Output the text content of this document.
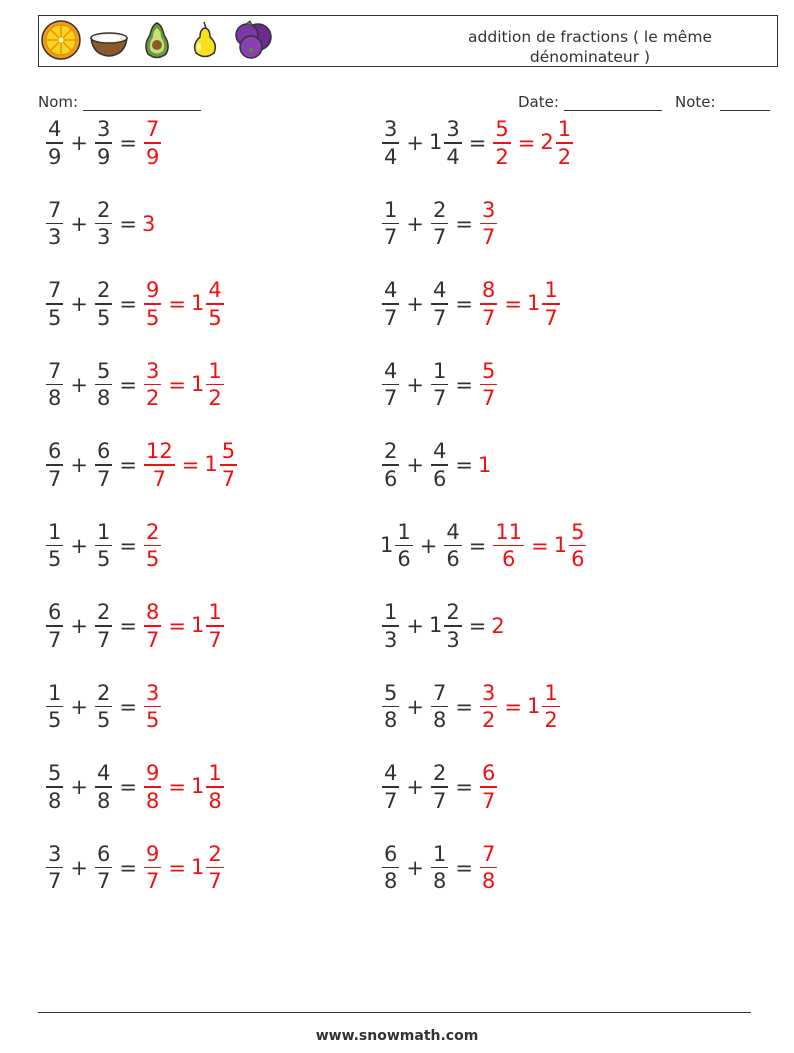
addition de fractions ( le même dénominateur )
Nom:	Date:	Note:
$\frac{4}{9} + \frac{3}{9} = \frac{7}{9}$	$\frac{3}{4} + 1 \frac{3}{4} = \frac{5}{2} = 2 \frac{1}{2}$
$\frac{7}{3} + \frac{2}{3} = 3$	$\frac{1}{7} + \frac{2}{7} = \frac{3}{7}$
$\frac{7}{5} + \frac{2}{5} = \frac{9}{5} = 1 \frac{4}{5}$	$\frac{4}{7} + \frac{4}{7} = \frac{8}{7} = 1 \frac{1}{7}$
$\frac{7}{8} + \frac{5}{8} = \frac{3}{2} = 1 \frac{1}{2}$	$\frac{4}{7} + \frac{1}{7} = \frac{5}{7}$
$\frac{6}{7} + \frac{6}{7} = \frac{12}{7} = 1 \frac{5}{7}$	$\frac{2}{6} + \frac{4}{6} = 1$
$\frac{1}{5} + \frac{1}{5} = \frac{2}{5}$	$1 \frac{1}{6} + \frac{4}{6} = \frac{11}{6} = 1 \frac{5}{6}$
$\frac{6}{7} + \frac{2}{7} = \frac{8}{7} = 1 \frac{1}{7}$	$\frac{1}{3} + 1 \frac{2}{3} = 2$
$\frac{1}{5} + \frac{2}{5} = \frac{3}{5}$	$\frac{5}{8} + \frac{7}{8} = \frac{3}{2} = 1 \frac{1}{2}$
$\frac{5}{8} + \frac{4}{8} = \frac{9}{8} = 1 \frac{1}{8}$	$\frac{4}{7} + \frac{2}{7} = \frac{6}{7}$
$\frac{3}{7} + \frac{6}{7} = \frac{9}{7} = 1 \frac{2}{7}$	$\frac{6}{8} + \frac{1}{8} = \frac{7}{8}$
www.snowmath.com
